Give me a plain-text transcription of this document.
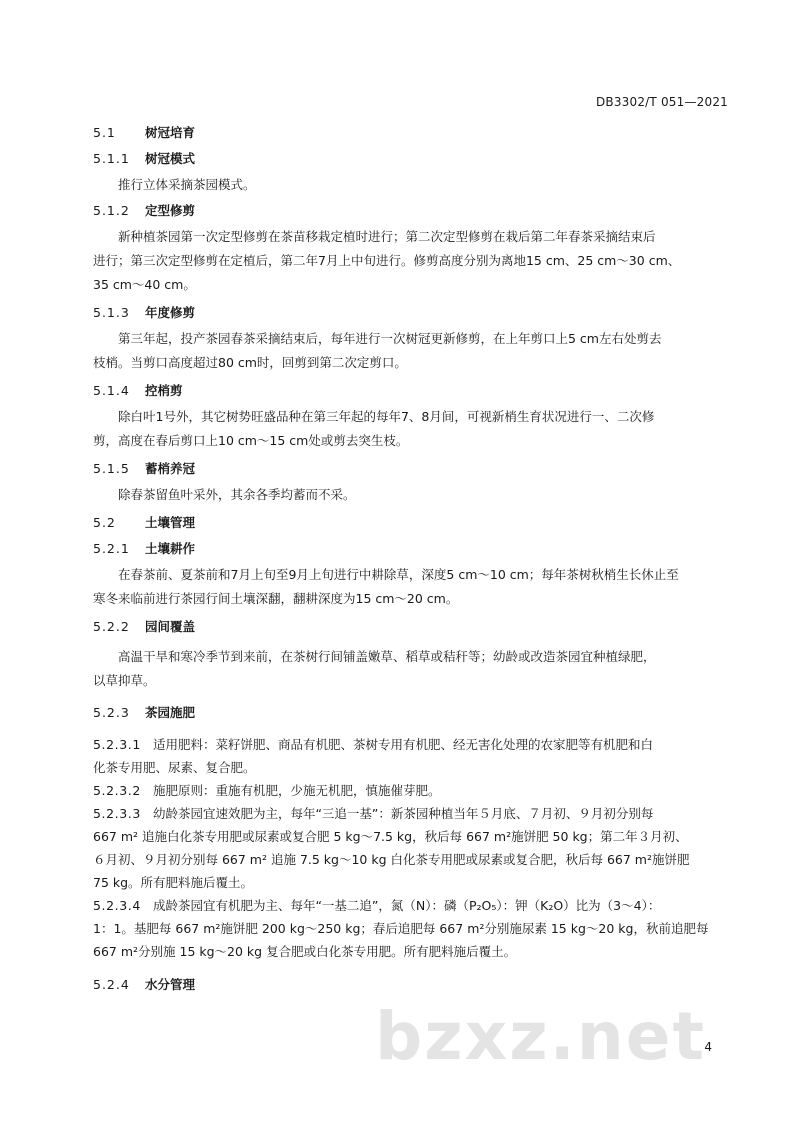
DB3302/T 051—2021
5.1 树冠培育
5.1.1 树冠模式

推行立体采摘茶园模式。

5.1.2 定型修剪

新种植茶园第一次定型修剪在茶苗移栽定植时进行；第二次定型修剪在栽后第二年春茶采摘结束后

进行；第三次定型修剪在定植后，第二年7月上中旬进行。修剪高度分别为离地15 cm、25 cm～30 cm、

35 cm～40 cm。

5.1.3 年度修剪

第三年起，投产茶园春茶采摘结束后，每年进行一次树冠更新修剪，在上年剪口上5 cm左右处剪去

枝梢。当剪口高度超过80 cm时，回剪到第二次定剪口。

5.1.4 控梢剪

除白叶1号外，其它树势旺盛品种在第三年起的每年7、8月间，可视新梢生育状况进行一、二次修

剪，高度在春后剪口上10 cm～15 cm处或剪去突生枝。

5.1.5 蓄梢养冠

除春茶留鱼叶采外，其余各季均蓄而不采。

5.2 土壤管理
5.2.1 土壤耕作

在春茶前、夏茶前和7月上旬至9月上旬进行中耕除草，深度5 cm～10 cm；每年茶树秋梢生长休止至

寒冬来临前进行茶园行间土壤深翻，翻耕深度为15 cm～20 cm。

5.2.2 园间覆盖

高温干旱和寒冷季节到来前，在茶树行间铺盖嫩草、稻草或秸秆等；幼龄或改造茶园宜种植绿肥，

以草抑草。

5.2.3 茶园施肥

5.2.3.1 适用肥料：菜籽饼肥、商品有机肥、茶树专用有机肥、经无害化处理的农家肥等有机肥和白

化茶专用肥、尿素、复合肥。

5.2.3.2 施肥原则：重施有机肥，少施无机肥，慎施催芽肥。

5.2.3.3 幼龄茶园宜速效肥为主，每年“三追一基”：新茶园种植当年５月底、７月初、９月初分别每

667 m² 追施白化茶专用肥或尿素或复合肥 5 kg～7.5 kg，秋后每 667 m²施饼肥 50 kg；第二年３月初、

６月初、９月初分别每 667 m² 追施 7.5 kg～10 kg 白化茶专用肥或尿素或复合肥，秋后每 667 m²施饼肥

75 kg。所有肥料施后覆土。

5.2.3.4 成龄茶园宜有机肥为主、每年“一基二追”，氮（N）：磷（P₂O₅）：钾（K₂O）比为（3～4）：

1：1。基肥每 667 m²施饼肥 200 kg～250 kg；春后追肥每 667 m²分别施尿素 15 kg～20 kg，秋前追肥每

667 m²分别施 15 kg～20 kg 复合肥或白化茶专用肥。所有肥料施后覆土。

5.2.4 水分管理
4
bzxz.net
